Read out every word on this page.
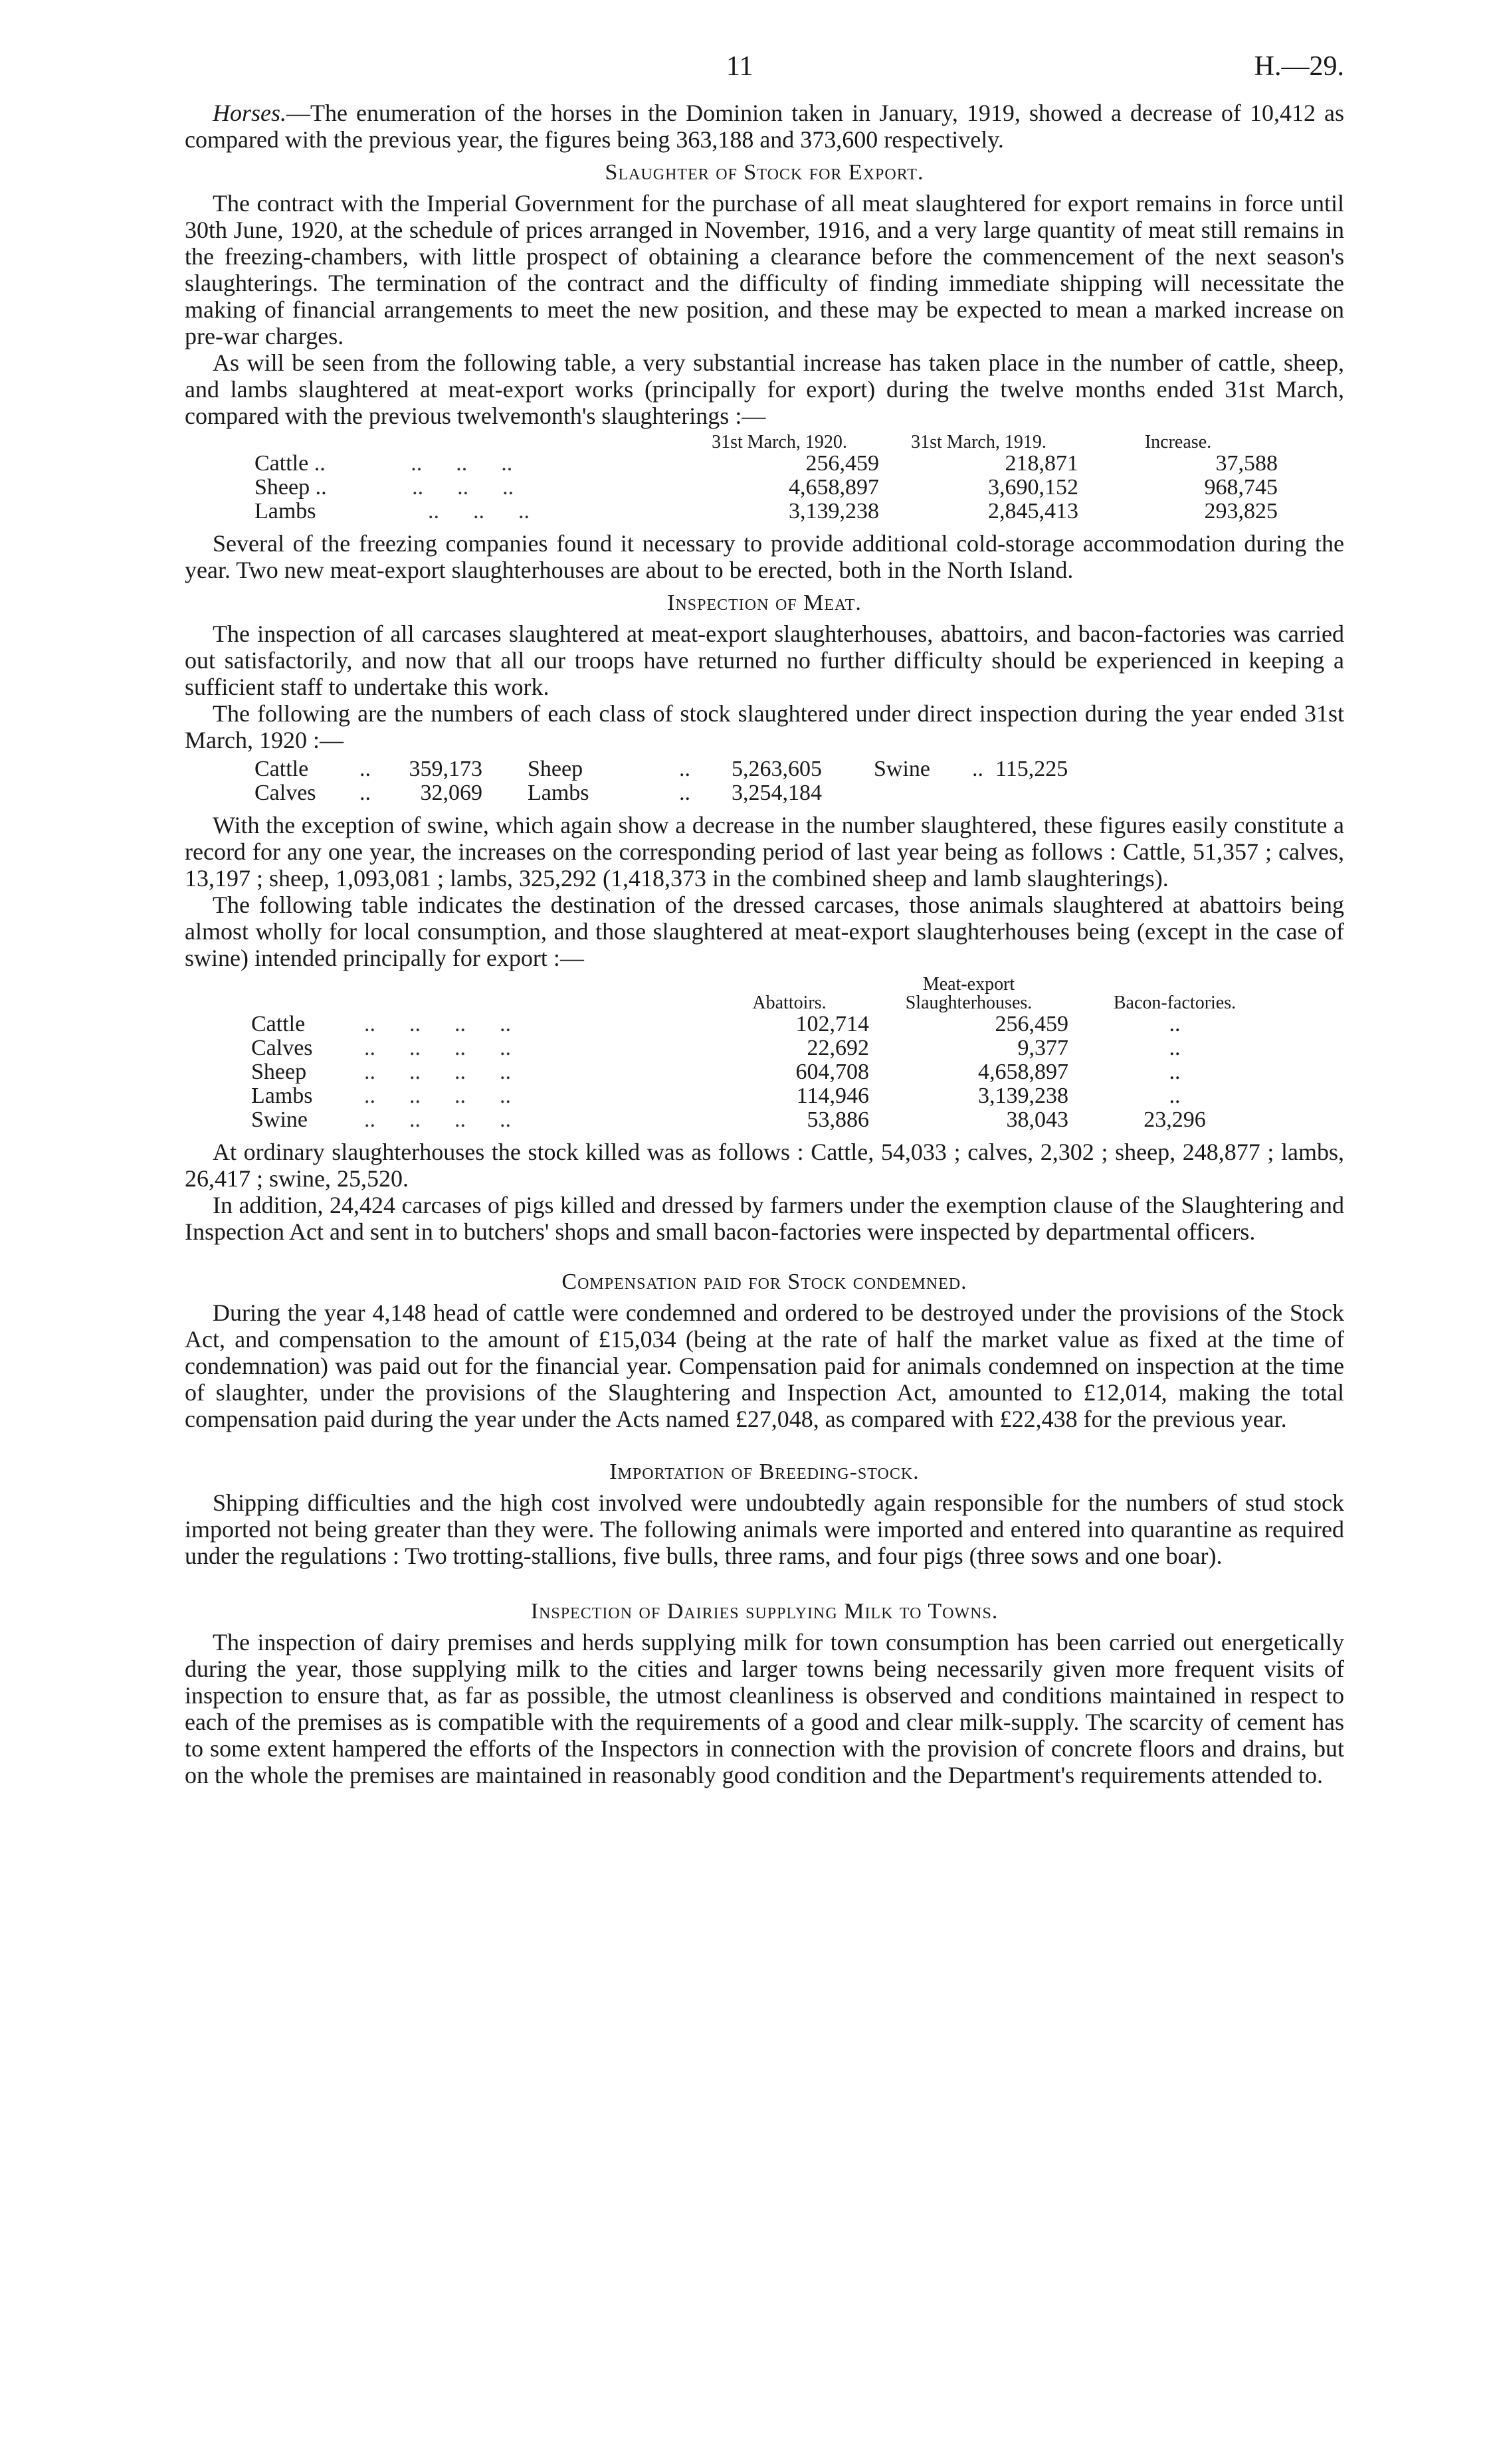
11	H.—29.

Horses.—The enumeration of the horses in the Dominion taken in January, 1919, showed a decrease of 10,412 as compared with the previous year, the figures being 363,188 and 373,600 respectively.

Slaughter of Stock for Export.

The contract with the Imperial Government for the purchase of all meat slaughtered for export remains in force until 30th June, 1920, at the schedule of prices arranged in November, 1916, and a very large quantity of meat still remains in the freezing-chambers, with little prospect of obtaining a clearance before the commencement of the next season's slaughterings. The termination of the contract and the difficulty of finding immediate shipping will necessitate the making of financial arrangements to meet the new position, and these may be expected to mean a marked increase on pre-war charges.

As will be seen from the following table, a very substantial increase has taken place in the number of cattle, sheep, and lambs slaughtered at meat-export works (principally for export) during the twelve months ended 31st March, compared with the previous twelvemonth's slaughterings :—

	31st March, 1920.	31st March, 1919.	Increase.
Cattle .. ..      ..      ..	256,459	218,871	37,588
Sheep .. ..      ..      ..	4,658,897	3,690,152	968,745
Lambs ..      ..      ..	3,139,238	2,845,413	293,825

Several of the freezing companies found it necessary to provide additional cold-storage accommodation during the year. Two new meat-export slaughterhouses are about to be erected, both in the North Island.

Inspection of Meat.

The inspection of all carcases slaughtered at meat-export slaughterhouses, abattoirs, and bacon-factories was carried out satisfactorily, and now that all our troops have returned no further difficulty should be experienced in keeping a sufficient staff to undertake this work.

The following are the numbers of each class of stock slaughtered under direct inspection during the year ended 31st March, 1920 :—

Cattle	..	359,173	Sheep	..	5,263,605	Swine	..	115,225
Calves	..	32,069	Lambs	..	3,254,184			

With the exception of swine, which again show a decrease in the number slaughtered, these figures easily constitute a record for any one year, the increases on the corresponding period of last year being as follows : Cattle, 51,357 ; calves, 13,197 ; sheep, 1,093,081 ; lambs, 325,292 (1,418,373 in the combined sheep and lamb slaughterings).

The following table indicates the destination of the dressed carcases, those animals slaughtered at abattoirs being almost wholly for local consumption, and those slaughtered at meat-export slaughterhouses being (except in the case of swine) intended principally for export :—

	Abattoirs.	Meat-export Slaughterhouses.	Bacon-factories.
Cattle ..      ..      ..      ..	102,714	256,459	..
Calves ..      ..      ..      ..	22,692	9,377	..
Sheep ..      ..      ..      ..	604,708	4,658,897	..
Lambs ..      ..      ..      ..	114,946	3,139,238	..
Swine ..      ..      ..      ..	53,886	38,043	23,296

At ordinary slaughterhouses the stock killed was as follows : Cattle, 54,033 ; calves, 2,302 ; sheep, 248,877 ; lambs, 26,417 ; swine, 25,520.

In addition, 24,424 carcases of pigs killed and dressed by farmers under the exemption clause of the Slaughtering and Inspection Act and sent in to butchers' shops and small bacon-factories were inspected by departmental officers.

Compensation paid for Stock condemned.

During the year 4,148 head of cattle were condemned and ordered to be destroyed under the provisions of the Stock Act, and compensation to the amount of £15,034 (being at the rate of half the market value as fixed at the time of condemnation) was paid out for the financial year. Compensation paid for animals condemned on inspection at the time of slaughter, under the provisions of the Slaughtering and Inspection Act, amounted to £12,014, making the total compensation paid during the year under the Acts named £27,048, as compared with £22,438 for the previous year.

Importation of Breeding-stock.

Shipping difficulties and the high cost involved were undoubtedly again responsible for the numbers of stud stock imported not being greater than they were. The following animals were imported and entered into quarantine as required under the regulations : Two trotting-stallions, five bulls, three rams, and four pigs (three sows and one boar).

Inspection of Dairies supplying Milk to Towns.

The inspection of dairy premises and herds supplying milk for town consumption has been carried out energetically during the year, those supplying milk to the cities and larger towns being necessarily given more frequent visits of inspection to ensure that, as far as possible, the utmost cleanliness is observed and conditions maintained in respect to each of the premises as is compatible with the requirements of a good and clear milk-supply. The scarcity of cement has to some extent hampered the efforts of the Inspectors in connection with the provision of concrete floors and drains, but on the whole the premises are maintained in reasonably good condition and the Department's requirements attended to.
